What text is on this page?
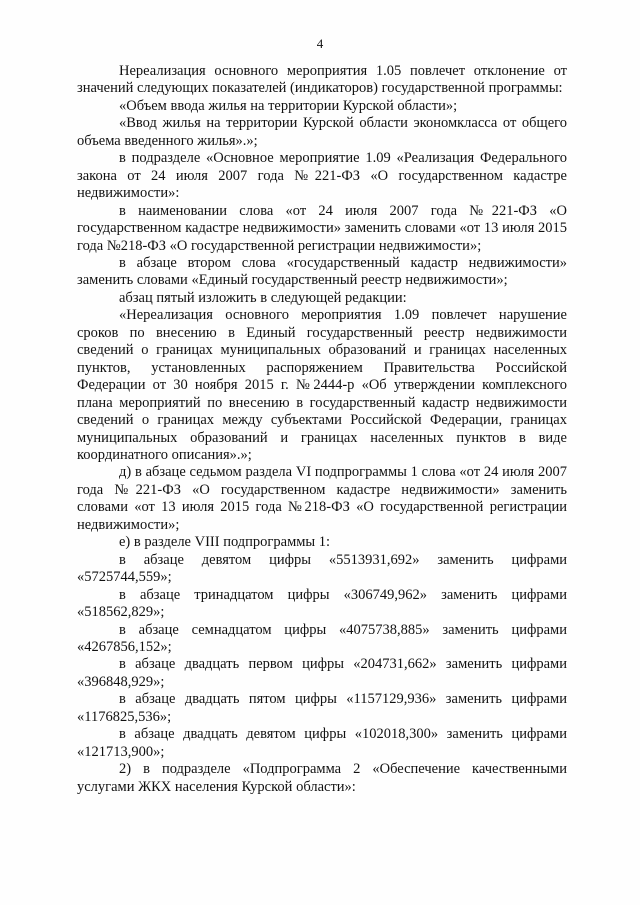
4

Нереализация основного мероприятия 1.05 повлечет отклонение от значений следующих показателей (индикаторов) государственной программы:

«Объем ввода жилья на территории Курской области»;

«Ввод жилья на территории Курской области экономкласса от общего объема введенного жилья».»;

в подразделе «Основное мероприятие 1.09 «Реализация Федерального закона от 24 июля 2007 года №221-ФЗ «О государственном кадастре недвижимости»:

в наименовании слова «от 24 июля 2007 года №221-ФЗ «О государственном кадастре недвижимости» заменить словами «от 13 июля 2015 года №218-ФЗ «О государственной регистрации недвижимости»;

в абзаце втором слова «государственный кадастр недвижимости» заменить словами «Единый государственный реестр недвижимости»;

абзац пятый изложить в следующей редакции:

«Нереализация основного мероприятия 1.09 повлечет нарушение сроков по внесению в Единый государственный реестр недвижимости сведений о границах муниципальных образований и границах населенных пунктов, установленных распоряжением Правительства Российской Федерации от 30 ноября 2015 г. №2444-р «Об утверждении комплексного плана мероприятий по внесению в государственный кадастр недвижимости сведений о границах между субъектами Российской Федерации, границах муниципальных образований и границах населенных пунктов в виде координатного описания».»;

д) в абзаце седьмом раздела VI подпрограммы 1 слова «от 24 июля 2007 года №221-ФЗ «О государственном кадастре недвижимости» заменить словами «от 13 июля 2015 года №218-ФЗ «О государственной регистрации недвижимости»;

е) в разделе VIII подпрограммы 1:

в абзаце девятом цифры «5513931,692» заменить цифрами «5725744,559»;

в абзаце тринадцатом цифры «306749,962» заменить цифрами «518562,829»;

в абзаце семнадцатом цифры «4075738,885» заменить цифрами «4267856,152»;

в абзаце двадцать первом цифры «204731,662» заменить цифрами «396848,929»;

в абзаце двадцать пятом цифры «1157129,936» заменить цифрами «1176825,536»;

в абзаце двадцать девятом цифры «102018,300» заменить цифрами «121713,900»;

2) в подразделе «Подпрограмма 2 «Обеспечение качественными услугами ЖКХ населения Курской области»:
